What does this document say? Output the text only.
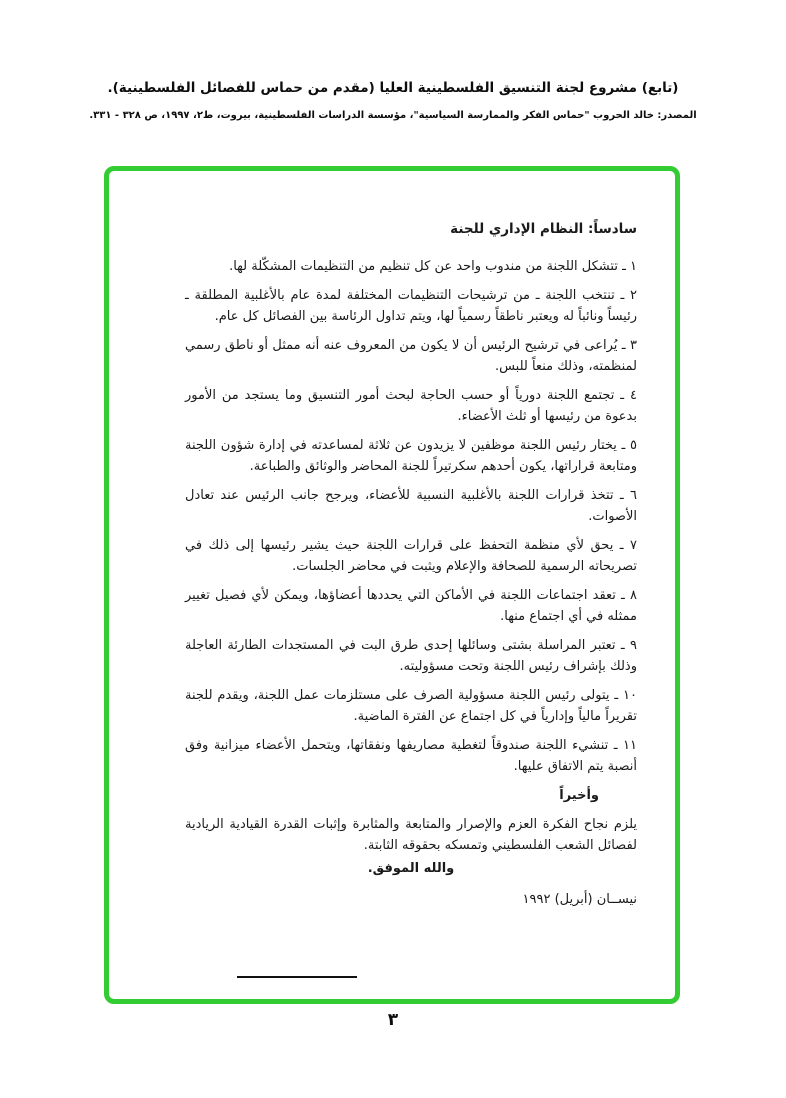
(تابع) مشروع لجنة التنسيق الفلسطينية العليا (مقدم من حماس للفصائل الفلسطينية).
المصدر: خالد الحروب "حماس الفكر والممارسة السياسية"، مؤسسة الدراسات الفلسطينية، بيروت، ط٢، ١٩٩٧، ص ٣٢٨ - ٣٣١.
سادساً: النظام الإداري للجنة

١ ـ تتشكل اللجنة من مندوب واحد عن كل تنظيم من التنظيمات المشكّلة لها.

٢ ـ تنتخب اللجنة ـ من ترشيحات التنظيمات المختلفة لمدة عام بالأغلبية المطلقة ـ رئيساً ونائباً له ويعتبر ناطقاً رسمياً لها، ويتم تداول الرئاسة بين الفصائل كل عام.

٣ ـ يُراعى في ترشيح الرئيس أن لا يكون من المعروف عنه أنه ممثل أو ناطق رسمي لمنظمته، وذلك منعاً للبس.

٤ ـ تجتمع اللجنة دورياً أو حسب الحاجة لبحث أمور التنسيق وما يستجد من الأمور بدعوة من رئيسها أو ثلث الأعضاء.

٥ ـ يختار رئيس اللجنة موظفين لا يزيدون عن ثلاثة لمساعدته في إدارة شؤون اللجنة ومتابعة قراراتها، يكون أحدهم سكرتيراً للجنة المحاضر والوثائق والطباعة.

٦ ـ تتخذ قرارات اللجنة بالأغلبية النسبية للأعضاء، ويرجح جانب الرئيس عند تعادل الأصوات.

٧ ـ يحق لأي منظمة التحفظ على قرارات اللجنة حيث يشير رئيسها إلى ذلك في تصريحاته الرسمية للصحافة والإعلام ويثبت في محاضر الجلسات.

٨ ـ تعقد اجتماعات اللجنة في الأماكن التي يحددها أعضاؤها، ويمكن لأي فصيل تغيير ممثله في أي اجتماع منها.

٩ ـ تعتبر المراسلة بشتى وسائلها إحدى طرق البت في المستجدات الطارئة العاجلة وذلك بإشراف رئيس اللجنة وتحت مسؤوليته.

١٠ ـ يتولى رئيس اللجنة مسؤولية الصرف على مستلزمات عمل اللجنة، ويقدم للجنة تقريراً مالياً وإدارياً في كل اجتماع عن الفترة الماضية.

١١ ـ تنشيء اللجنة صندوقاً لتغطية مصاريفها ونفقاتها، ويتحمل الأعضاء ميزانية وفق أنصبة يتم الاتفاق عليها.

وأخيراً

يلزم نجاح الفكرة العزم والإصرار والمتابعة والمثابرة وإثبات القدرة القيادية الريادية لفصائل الشعب الفلسطيني وتمسكه بحقوقه الثابتة.

والله الموفق.

نيســان (أبريل) ١٩٩٢

٣
